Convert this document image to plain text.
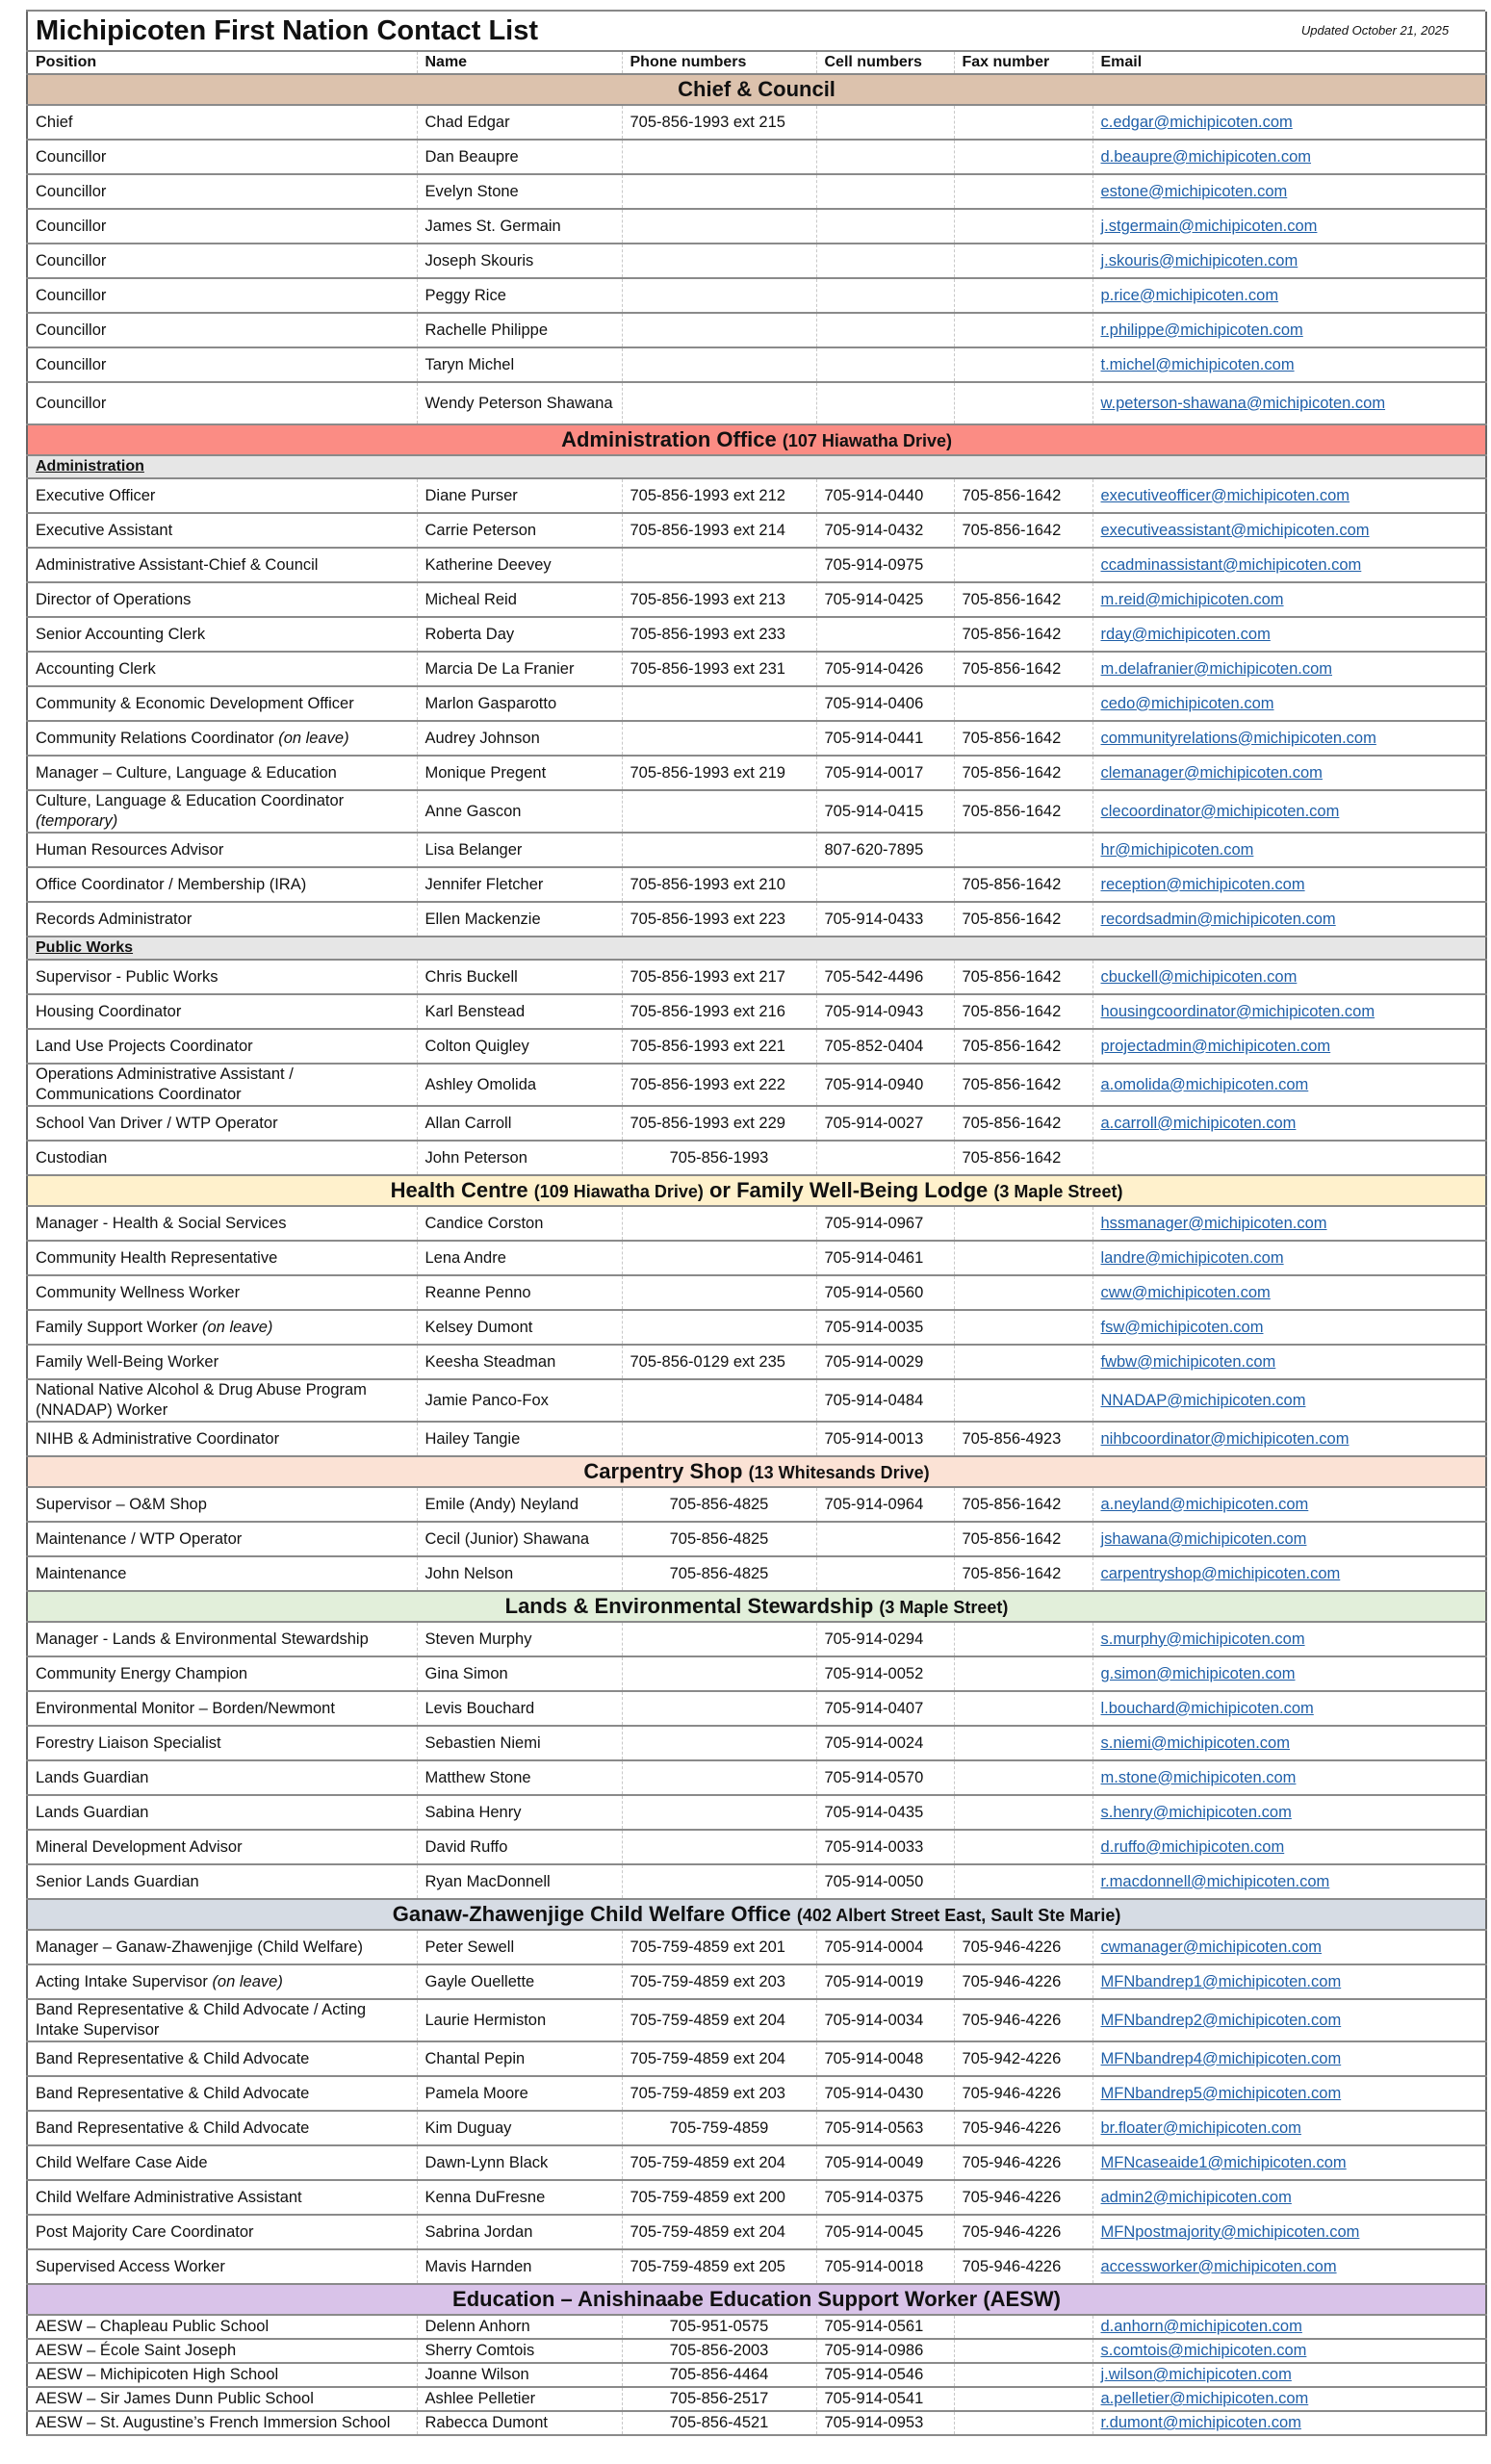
Michipicoten First Nation Contact List Updated October 21, 2025					

Position	Name	Phone numbers	Cell numbers	Fax number	Email
Chief & Council					
Chief	Chad Edgar	705-856-1993 ext 215			c.edgar@michipicoten.com
Councillor	Dan Beaupre				d.beaupre@michipicoten.com
Councillor	Evelyn Stone				estone@michipicoten.com
Councillor	James St. Germain				j.stgermain@michipicoten.com
Councillor	Joseph Skouris				j.skouris@michipicoten.com
Councillor	Peggy Rice				p.rice@michipicoten.com
Councillor	Rachelle Philippe				r.philippe@michipicoten.com
Councillor	Taryn Michel				t.michel@michipicoten.com
Councillor	Wendy Peterson Shawana				w.peterson-shawana@michipicoten.com
Administration Office (107 Hiawatha Drive)					
Administration					
Executive Officer	Diane Purser	705-856-1993 ext 212	705-914-0440	705-856-1642	executiveofficer@michipicoten.com
Executive Assistant	Carrie Peterson	705-856-1993 ext 214	705-914-0432	705-856-1642	executiveassistant@michipicoten.com
Administrative Assistant-Chief & Council	Katherine Deevey		705-914-0975		ccadminassistant@michipicoten.com
Director of Operations	Micheal Reid	705-856-1993 ext 213	705-914-0425	705-856-1642	m.reid@michipicoten.com
Senior Accounting Clerk	Roberta Day	705-856-1993 ext 233		705-856-1642	rday@michipicoten.com
Accounting Clerk	Marcia De La Franier	705-856-1993 ext 231	705-914-0426	705-856-1642	m.delafranier@michipicoten.com
Community & Economic Development Officer	Marlon Gasparotto		705-914-0406		cedo@michipicoten.com
Community Relations Coordinator (on leave)	Audrey Johnson		705-914-0441	705-856-1642	communityrelations@michipicoten.com
Manager – Culture, Language & Education	Monique Pregent	705-856-1993 ext 219	705-914-0017	705-856-1642	clemanager@michipicoten.com
Culture, Language & Education Coordinator (temporary)	Anne Gascon		705-914-0415	705-856-1642	clecoordinator@michipicoten.com
Human Resources Advisor	Lisa Belanger		807-620-7895		hr@michipicoten.com
Office Coordinator / Membership (IRA)	Jennifer Fletcher	705-856-1993 ext 210		705-856-1642	reception@michipicoten.com
Records Administrator	Ellen Mackenzie	705-856-1993 ext 223	705-914-0433	705-856-1642	recordsadmin@michipicoten.com
Public Works					
Supervisor - Public Works	Chris Buckell	705-856-1993 ext 217	705-542-4496	705-856-1642	cbuckell@michipicoten.com
Housing Coordinator	Karl Benstead	705-856-1993 ext 216	705-914-0943	705-856-1642	housingcoordinator@michipicoten.com
Land Use Projects Coordinator	Colton Quigley	705-856-1993 ext 221	705-852-0404	705-856-1642	projectadmin@michipicoten.com
Operations Administrative Assistant / Communications Coordinator	Ashley Omolida	705-856-1993 ext 222	705-914-0940	705-856-1642	a.omolida@michipicoten.com
School Van Driver / WTP Operator	Allan Carroll	705-856-1993 ext 229	705-914-0027	705-856-1642	a.carroll@michipicoten.com
Custodian	John Peterson	705-856-1993		705-856-1642	
Health Centre (109 Hiawatha Drive) or Family Well-Being Lodge (3 Maple Street)					
Manager - Health & Social Services	Candice Corston		705-914-0967		hssmanager@michipicoten.com
Community Health Representative	Lena Andre		705-914-0461		landre@michipicoten.com
Community Wellness Worker	Reanne Penno		705-914-0560		cww@michipicoten.com
Family Support Worker (on leave)	Kelsey Dumont		705-914-0035		fsw@michipicoten.com
Family Well-Being Worker	Keesha Steadman	705-856-0129 ext 235	705-914-0029		fwbw@michipicoten.com
National Native Alcohol & Drug Abuse Program (NNADAP) Worker	Jamie Panco-Fox		705-914-0484		NNADAP@michipicoten.com
NIHB & Administrative Coordinator	Hailey Tangie		705-914-0013	705-856-4923	nihbcoordinator@michipicoten.com
Carpentry Shop (13 Whitesands Drive)					
Supervisor – O&M Shop	Emile (Andy) Neyland	705-856-4825	705-914-0964	705-856-1642	a.neyland@michipicoten.com
Maintenance / WTP Operator	Cecil (Junior) Shawana	705-856-4825		705-856-1642	jshawana@michipicoten.com
Maintenance	John Nelson	705-856-4825		705-856-1642	carpentryshop@michipicoten.com
Lands & Environmental Stewardship (3 Maple Street)					
Manager - Lands & Environmental Stewardship	Steven Murphy		705-914-0294		s.murphy@michipicoten.com
Community Energy Champion	Gina Simon		705-914-0052		g.simon@michipicoten.com
Environmental Monitor – Borden/Newmont	Levis Bouchard		705-914-0407		l.bouchard@michipicoten.com
Forestry Liaison Specialist	Sebastien Niemi		705-914-0024		s.niemi@michipicoten.com
Lands Guardian	Matthew Stone		705-914-0570		m.stone@michipicoten.com
Lands Guardian	Sabina Henry		705-914-0435		s.henry@michipicoten.com
Mineral Development Advisor	David Ruffo		705-914-0033		d.ruffo@michipicoten.com
Senior Lands Guardian	Ryan MacDonnell		705-914-0050		r.macdonnell@michipicoten.com
Ganaw-Zhawenjige Child Welfare Office (402 Albert Street East, Sault Ste Marie)					
Manager – Ganaw-Zhawenjige (Child Welfare)	Peter Sewell	705-759-4859 ext 201	705-914-0004	705-946-4226	cwmanager@michipicoten.com
Acting Intake Supervisor (on leave)	Gayle Ouellette	705-759-4859 ext 203	705-914-0019	705-946-4226	MFNbandrep1@michipicoten.com
Band Representative & Child Advocate / Acting Intake Supervisor	Laurie Hermiston	705-759-4859 ext 204	705-914-0034	705-946-4226	MFNbandrep2@michipicoten.com
Band Representative & Child Advocate	Chantal Pepin	705-759-4859 ext 204	705-914-0048	705-942-4226	MFNbandrep4@michipicoten.com
Band Representative & Child Advocate	Pamela Moore	705-759-4859 ext 203	705-914-0430	705-946-4226	MFNbandrep5@michipicoten.com
Band Representative & Child Advocate	Kim Duguay	705-759-4859	705-914-0563	705-946-4226	br.floater@michipicoten.com
Child Welfare Case Aide	Dawn-Lynn Black	705-759-4859 ext 204	705-914-0049	705-946-4226	MFNcaseaide1@michipicoten.com
Child Welfare Administrative Assistant	Kenna DuFresne	705-759-4859 ext 200	705-914-0375	705-946-4226	admin2@michipicoten.com
Post Majority Care Coordinator	Sabrina Jordan	705-759-4859 ext 204	705-914-0045	705-946-4226	MFNpostmajority@michipicoten.com
Supervised Access Worker	Mavis Harnden	705-759-4859 ext 205	705-914-0018	705-946-4226	accessworker@michipicoten.com
Education – Anishinaabe Education Support Worker (AESW)					
AESW – Chapleau Public School	Delenn Anhorn	705-951-0575	705-914-0561		d.anhorn@michipicoten.com
AESW – École Saint Joseph	Sherry Comtois	705-856-2003	705-914-0986		s.comtois@michipicoten.com
AESW – Michipicoten High School	Joanne Wilson	705-856-4464	705-914-0546		j.wilson@michipicoten.com
AESW – Sir James Dunn Public School	Ashlee Pelletier	705-856-2517	705-914-0541		a.pelletier@michipicoten.com
AESW – St. Augustine’s French Immersion School	Rabecca Dumont	705-856-4521	705-914-0953		r.dumont@michipicoten.com
